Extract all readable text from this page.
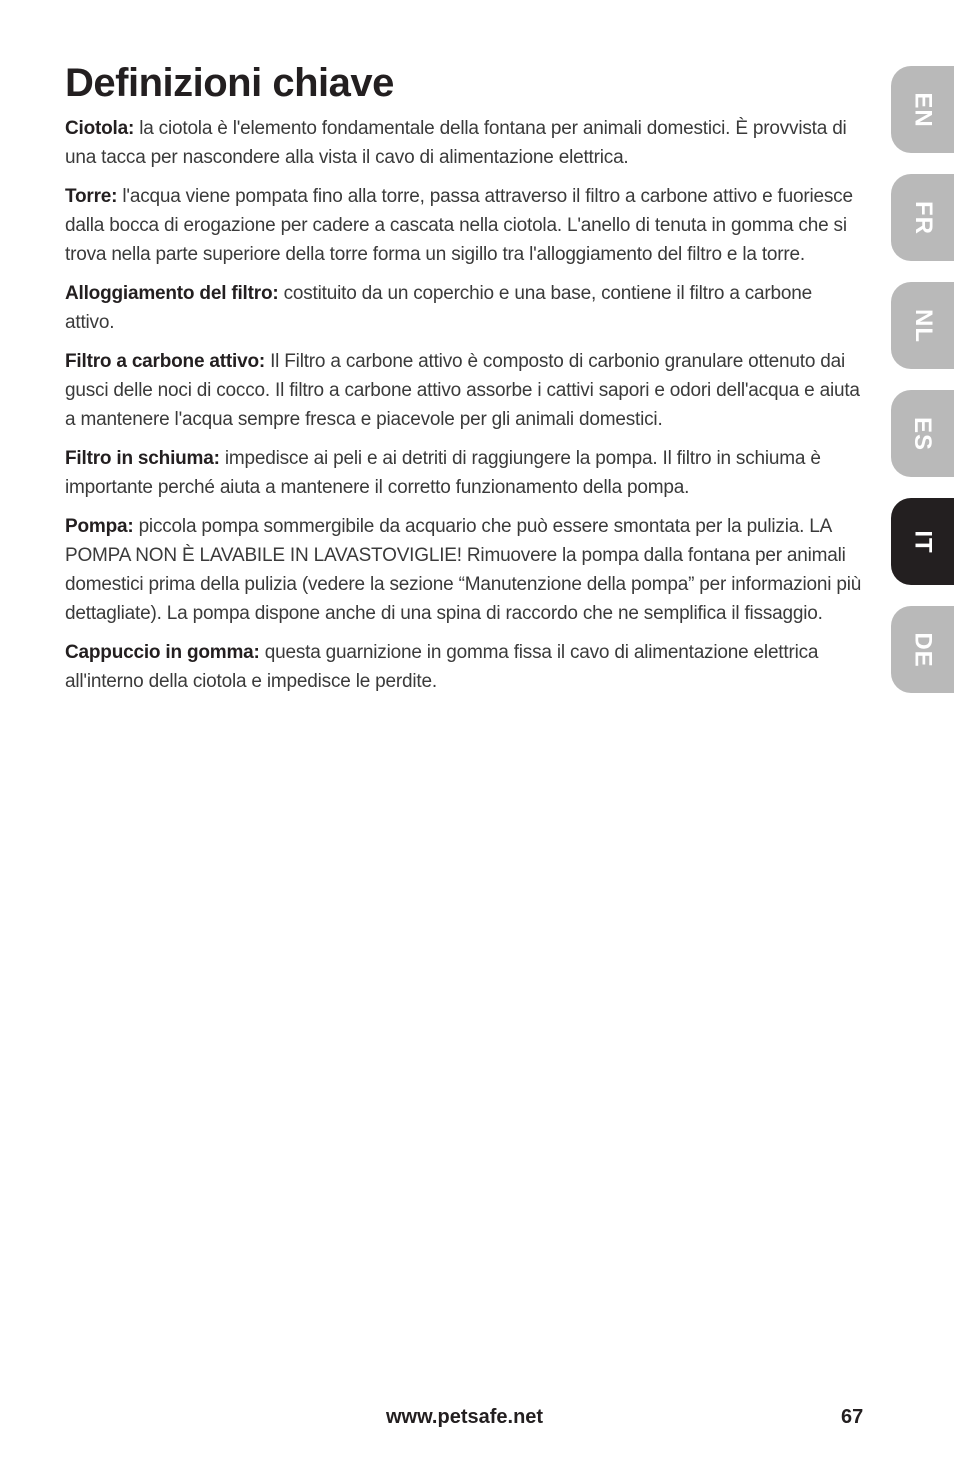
Definizioni chiave

Ciotola: la ciotola è l'elemento fondamentale della fontana per animali domestici. È provvista di una tacca per nascondere alla vista il cavo di alimentazione elettrica.

Torre: l'acqua viene pompata fino alla torre, passa attraverso il filtro a carbone attivo e fuoriesce dalla bocca di erogazione per cadere a cascata nella ciotola. L'anello di tenuta in gomma che si trova nella parte superiore della torre forma un sigillo tra l'alloggiamento del filtro e la torre.

Alloggiamento del filtro: costituito da un coperchio e una base, contiene il filtro a carbone attivo.

Filtro a carbone attivo: Il Filtro a carbone attivo è composto di carbonio granulare ottenuto dai gusci delle noci di cocco. Il filtro a carbone attivo assorbe i cattivi sapori e odori dell'acqua e aiuta a mantenere l'acqua sempre fresca e piacevole per gli animali domestici.

Filtro in schiuma: impedisce ai peli e ai detriti di raggiungere la pompa. Il filtro in schiuma è importante perché aiuta a mantenere il corretto funzionamento della pompa.

Pompa: piccola pompa sommergibile da acquario che può essere smontata per la pulizia. LA POMPA NON È LAVABILE IN LAVASTOVIGLIE! Rimuovere la pompa dalla fontana per animali domestici prima della pulizia (vedere la sezione “Manutenzione della pompa” per informazioni più dettagliate). La pompa dispone anche di una spina di raccordo che ne semplifica il fissaggio.

Cappuccio in gomma: questa guarnizione in gomma fissa il cavo di alimentazione elettrica all'interno della ciotola e impedisce le perdite.

EN
FR
NL
ES
IT
DE
www.petsafe.net	67
